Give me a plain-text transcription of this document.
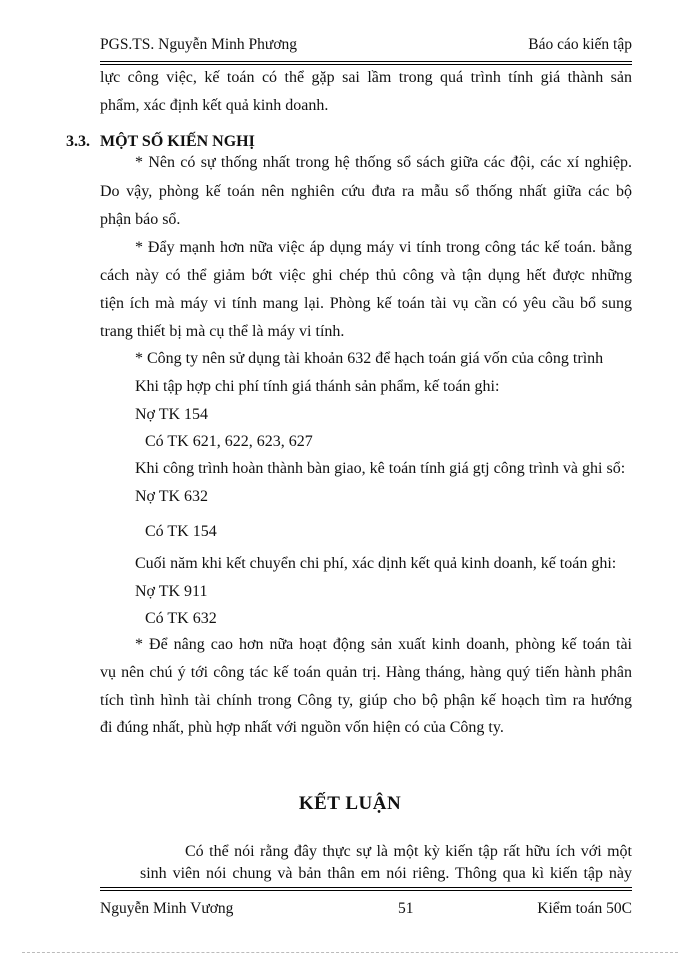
PGS.TS. Nguyễn Minh Phương	Báo cáo kiến tập
lực công việc, kế toán có thể gặp sai lầm trong quá trình tính giá thành sản
phẩm, xác định kết quả kinh doanh.
3.3. MỘT SỐ KIẾN NGHỊ
* Nên có sự thống nhất trong hệ thống sổ sách giữa các đội, các xí nghiệp.
Do vậy, phòng kế toán nên nghiên cứu đưa ra mẫu sổ thống nhất giữa các bộ
phận báo sổ.
* Đẩy mạnh hơn nữa việc áp dụng máy vi tính trong công tác kế toán. bằng
cách này có thể giảm bớt việc ghi chép thủ công và tận dụng hết được những
tiện ích mà máy vi tính mang lại. Phòng kế toán tài vụ cần có yêu cầu bổ sung
trang thiết bị mà cụ thể là máy vi tính.
* Công ty nên sử dụng tài khoản 632 để hạch toán giá vốn của công trình
Khi tập hợp chi phí tính giá thánh sản phẩm, kế toán ghi:
Nợ TK 154
Có TK 621, 622, 623, 627
Khi công trình hoàn thành bàn giao, kê toán tính giá gtj công trình và ghi sổ:
Nợ TK 632
Có TK 154
Cuối năm khi kết chuyển chi phí, xác dịnh kết quả kinh doanh, kế toán ghi:
Nợ TK 911
Có TK 632
* Để nâng cao hơn nữa hoạt động sản xuất kinh doanh, phòng kế toán tài
vụ nên chú ý tới công tác kế toán quản trị. Hàng tháng, hàng quý tiến hành phân
tích tình hình tài chính trong Công ty, giúp cho bộ phận kế hoạch tìm ra hướng
đi đúng nhất, phù hợp nhất với nguồn vốn hiện có của Công ty.
KẾT LUẬN
Có thể nói rằng đây thực sự là một kỳ kiến tập rất hữu ích với một
sinh viên nói chung và bản thân em nói riêng. Thông qua kì kiến tập này
Nguyễn Minh Vương	51	Kiểm toán 50C
